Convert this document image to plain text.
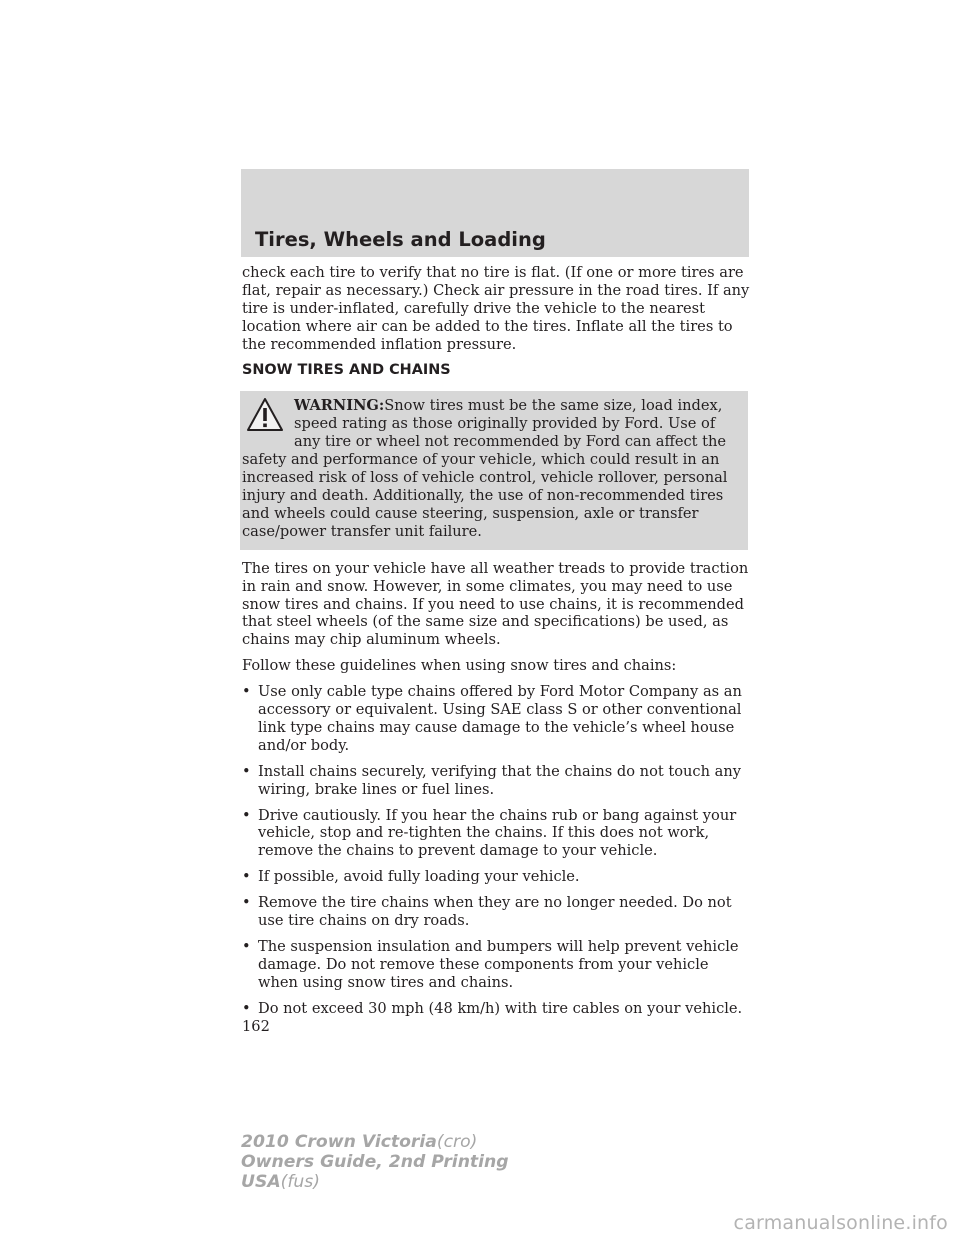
Tires, Wheels and Loading

check each tire to verify that no tire is flat. (If one or more tires are flat, repair as necessary.) Check air pressure in the road tires. If any tire is under-inflated, carefully drive the vehicle to the nearest location where air can be added to the tires. Inflate all the tires to the recommended inflation pressure.

SNOW TIRES AND CHAINS

WARNING:Snow tires must be the same size, load index, speed rating as those originally provided by Ford. Use of any tire or wheel not recommended by Ford can affect the safety and performance of your vehicle, which could result in an increased risk of loss of vehicle control, vehicle rollover, personal injury and death. Additionally, the use of non-recommended tires and wheels could cause steering, suspension, axle or transfer case/power transfer unit failure.

The tires on your vehicle have all weather treads to provide traction in rain and snow. However, in some climates, you may need to use snow tires and chains. If you need to use chains, it is recommended that steel wheels (of the same size and specifications) be used, as chains may chip aluminum wheels.

Follow these guidelines when using snow tires and chains:

• Use only cable type chains offered by Ford Motor Company as an accessory or equivalent. Using SAE class S or other conventional link type chains may cause damage to the vehicle’s wheel house and/or body.
• Install chains securely, verifying that the chains do not touch any wiring, brake lines or fuel lines.
• Drive cautiously. If you hear the chains rub or bang against your vehicle, stop and re-tighten the chains. If this does not work, remove the chains to prevent damage to your vehicle.
• If possible, avoid fully loading your vehicle.
• Remove the tire chains when they are no longer needed. Do not use tire chains on dry roads.
• The suspension insulation and bumpers will help prevent vehicle damage. Do not remove these components from your vehicle when using snow tires and chains.
• Do not exceed 30 mph (48 km/h) with tire cables on your vehicle.

162

2010 Crown Victoria(cro)
Owners Guide, 2nd Printing
USA(fus)
carmanualsonline.info
